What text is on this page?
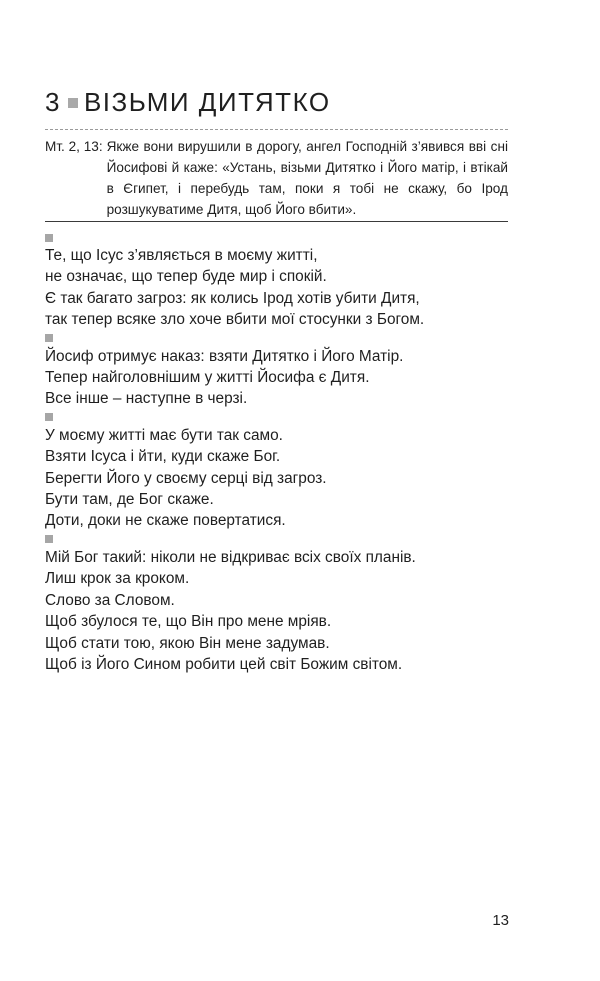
3 ВІЗЬМИ ДИТЯТКО
Мт. 2, 13: Якже вони вирушили в дорогу, ангел Господній з’явився вві сні Йосифові й каже: «Устань, візьми Дитятко і Його матір, і втікай в Єгипет, і перебудь там, поки я тобі не скажу, бо Ірод розшукуватиме Дитя, щоб Його вбити».
Те, що Ісус з’являється в моєму житті,
не означає, що тепер буде мир і спокій.
Є так багато загроз: як колись Ірод хотів убити Дитя,
так тепер всяке зло хоче вбити мої стосунки з Богом.
Йосиф отримує наказ: взяти Дитятко і Його Матір.
Тепер найголовнішим у житті Йосифа є Дитя.
Все інше – наступне в черзі.
У моєму житті має бути так само.
Взяти Ісуса і йти, куди скаже Бог.
Берегти Його у своєму серці від загроз.
Бути там, де Бог скаже.
Доти, доки не скаже повертатися.
Мій Бог такий: ніколи не відкриває всіх своїх планів.
Лиш крок за кроком.
Слово за Словом.
Щоб збулося те, що Він про мене мріяв.
Щоб стати тою, якою Він мене задумав.
Щоб із Його Сином робити цей світ Божим світом.
13
